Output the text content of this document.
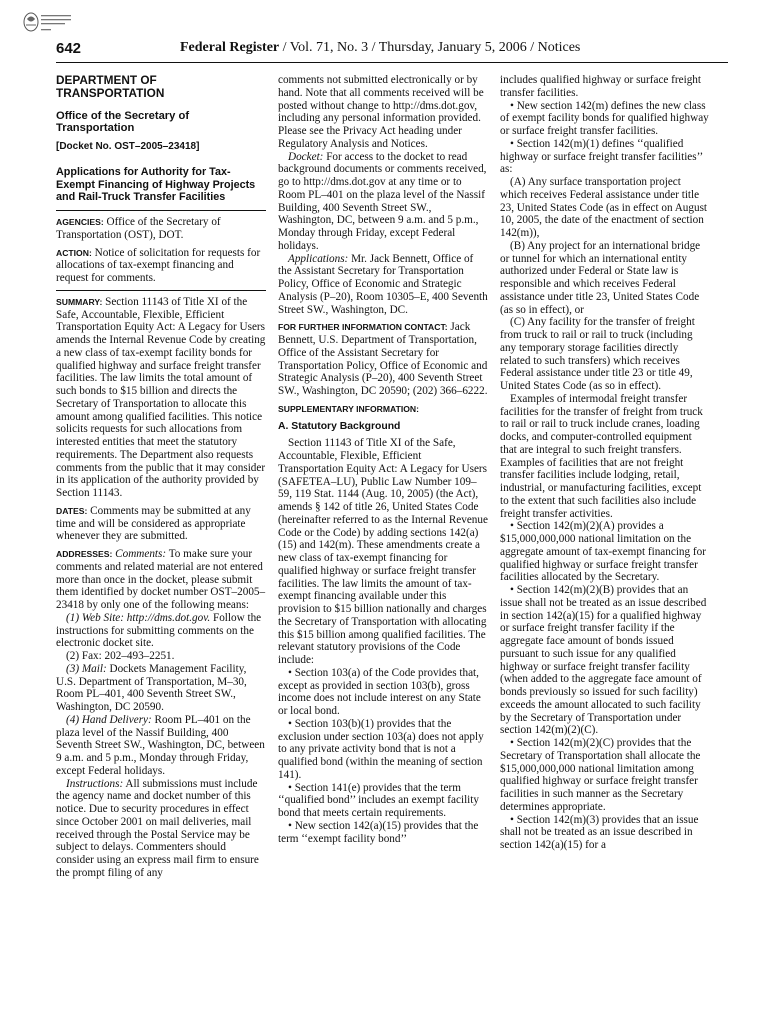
642	Federal Register / Vol. 71, No. 3 / Thursday, January 5, 2006 / Notices

DEPARTMENT OF TRANSPORTATION

Office of the Secretary of Transportation

[Docket No. OST–2005–23418]

Applications for Authority for Tax-Exempt Financing of Highway Projects and Rail-Truck Transfer Facilities

AGENCIES: Office of the Secretary of Transportation (OST), DOT.

ACTION: Notice of solicitation for requests for allocations of tax-exempt financing and request for comments.

SUMMARY: Section 11143 of Title XI of the Safe, Accountable, Flexible, Efficient Transportation Equity Act: A Legacy for Users amends the Internal Revenue Code by creating a new class of tax-exempt facility bonds for qualified highway and surface freight transfer facilities. The law limits the total amount of such bonds to $15 billion and directs the Secretary of Transportation to allocate this amount among qualified facilities. This notice solicits requests for such allocations from interested entities that meet the statutory requirements. The Department also requests comments from the public that it may consider in its application of the authority provided by Section 11143.

DATES: Comments may be submitted at any time and will be considered as appropriate whenever they are submitted.

ADDRESSES: Comments: To make sure your comments and related material are not entered more than once in the docket, please submit them identified by docket number OST–2005–23418 by only one of the following means:

(1) Web Site: http://dms.dot.gov. Follow the instructions for submitting comments on the electronic docket site.

(2) Fax: 202–493–2251.

(3) Mail: Dockets Management Facility, U.S. Department of Transportation, M–30, Room PL–401, 400 Seventh Street SW., Washington, DC 20590.

(4) Hand Delivery: Room PL–401 on the plaza level of the Nassif Building, 400 Seventh Street SW., Washington, DC, between 9 a.m. and 5 p.m., Monday through Friday, except Federal holidays.

Instructions: All submissions must include the agency name and docket number of this notice. Due to security procedures in effect since October 2001 on mail deliveries, mail received through the Postal Service may be subject to delays. Commenters should consider using an express mail firm to ensure the prompt filing of any

comments not submitted electronically or by hand. Note that all comments received will be posted without change to http://dms.dot.gov, including any personal information provided. Please see the Privacy Act heading under Regulatory Analysis and Notices.

Docket: For access to the docket to read background documents or comments received, go to http://dms.dot.gov at any time or to Room PL–401 on the plaza level of the Nassif Building, 400 Seventh Street SW., Washington, DC, between 9 a.m. and 5 p.m., Monday through Friday, except Federal holidays.

Applications: Mr. Jack Bennett, Office of the Assistant Secretary for Transportation Policy, Office of Economic and Strategic Analysis (P–20), Room 10305–E, 400 Seventh Street SW., Washington, DC.

FOR FURTHER INFORMATION CONTACT: Jack Bennett, U.S. Department of Transportation, Office of the Assistant Secretary for Transportation Policy, Office of Economic and Strategic Analysis (P–20), 400 Seventh Street SW., Washington, DC 20590; (202) 366–6222.

SUPPLEMENTARY INFORMATION:

A. Statutory Background

Section 11143 of Title XI of the Safe, Accountable, Flexible, Efficient Transportation Equity Act: A Legacy for Users (SAFETEA–LU), Public Law Number 109–59, 119 Stat. 1144 (Aug. 10, 2005) (the Act), amends § 142 of title 26, United States Code (hereinafter referred to as the Internal Revenue Code or the Code) by adding sections 142(a)(15) and 142(m). These amendments create a new class of tax-exempt financing for qualified highway or surface freight transfer facilities. The law limits the amount of tax-exempt financing available under this provision to $15 billion nationally and charges the Secretary of Transportation with allocating this $15 billion among qualified facilities. The relevant statutory provisions of the Code include:

• Section 103(a) of the Code provides that, except as provided in section 103(b), gross income does not include interest on any State or local bond.

• Section 103(b)(1) provides that the exclusion under section 103(a) does not apply to any private activity bond that is not a qualified bond (within the meaning of section 141).

• Section 141(e) provides that the term ‘‘qualified bond’’ includes an exempt facility bond that meets certain requirements.

• New section 142(a)(15) provides that the term ‘‘exempt facility bond’’

includes qualified highway or surface freight transfer facilities.

• New section 142(m) defines the new class of exempt facility bonds for qualified highway or surface freight transfer facilities.

• Section 142(m)(1) defines ‘‘qualified highway or surface freight transfer facilities’’ as:

(A) Any surface transportation project which receives Federal assistance under title 23, United States Code (as in effect on August 10, 2005, the date of the enactment of section 142(m)),

(B) Any project for an international bridge or tunnel for which an international entity authorized under Federal or State law is responsible and which receives Federal assistance under title 23, United States Code (as so in effect), or

(C) Any facility for the transfer of freight from truck to rail or rail to truck (including any temporary storage facilities directly related to such transfers) which receives Federal assistance under title 23 or title 49, United States Code (as so in effect).

Examples of intermodal freight transfer facilities for the transfer of freight from truck to rail or rail to truck include cranes, loading docks, and computer-controlled equipment that are integral to such freight transfers. Examples of facilities that are not freight transfer facilities include lodging, retail, industrial, or manufacturing facilities, except to the extent that such facilities also include freight transfer activities.

• Section 142(m)(2)(A) provides a $15,000,000,000 national limitation on the aggregate amount of tax-exempt financing for qualified highway or surface freight transfer facilities allocated by the Secretary.

• Section 142(m)(2)(B) provides that an issue shall not be treated as an issue described in section 142(a)(15) for a qualified highway or surface freight transfer facility if the aggregate face amount of bonds issued pursuant to such issue for any qualified highway or surface freight transfer facility (when added to the aggregate face amount of bonds previously so issued for such facility) exceeds the amount allocated to such facility by the Secretary of Transportation under section 142(m)(2)(C).

• Section 142(m)(2)(C) provides that the Secretary of Transportation shall allocate the $15,000,000,000 national limitation among qualified highway or surface freight transfer facilities in such manner as the Secretary determines appropriate.

• Section 142(m)(3) provides that an issue shall not be treated as an issue described in section 142(a)(15) for a
